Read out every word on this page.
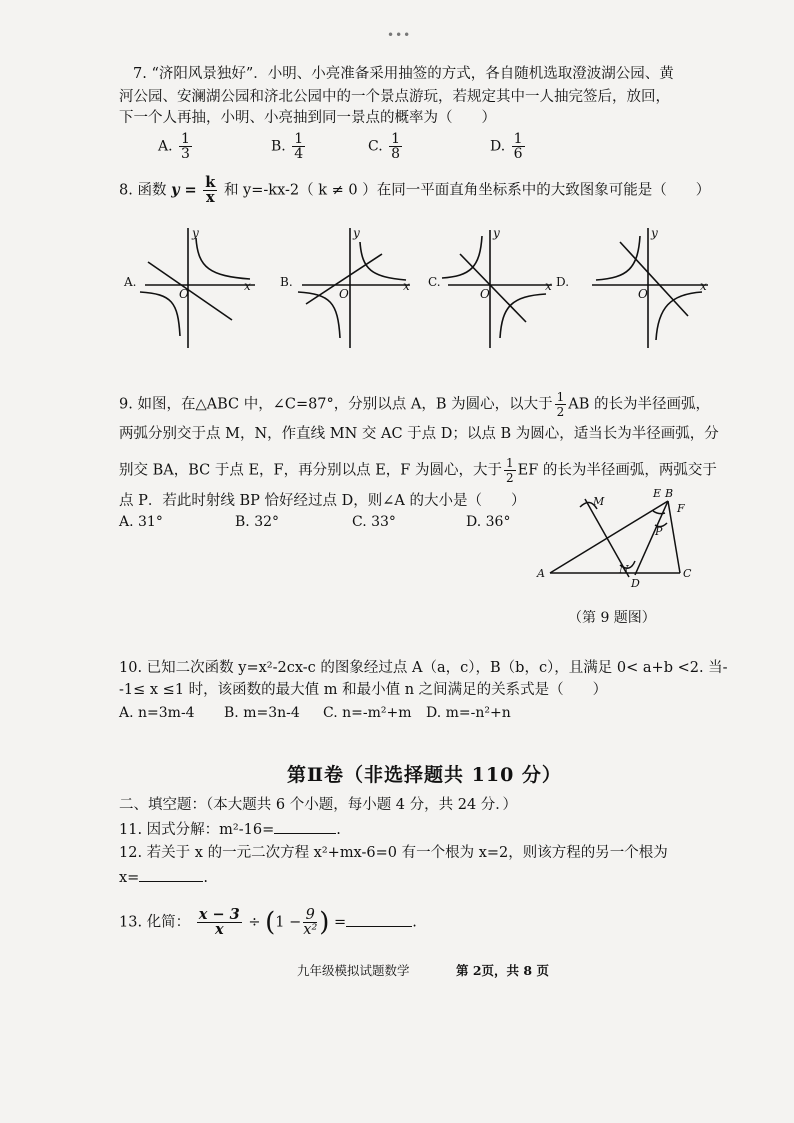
•••
7. “济阳风景独好”．小明、小亮准备采用抽签的方式，各自随机选取澄波湖公园、黄
河公园、安澜湖公园和济北公园中的一个景点游玩，若规定其中一人抽完签后，放回，
下一个人再抽，小明、小亮抽到同一景点的概率为（　　）
A. $\frac{1}{3}$	B. $\frac{1}{4}$	C. $\frac{1}{8}$	D. $\frac{1}{6}$
8. 函数 $y = \frac{k}{x}$ 和 y=-kx-2（ k ≠ 0 ）在同一平面直角坐标系中的大致图象可能是（　　）
A.	x
y
O
B.	x
y
O
C.	x
y
O
D.	x
y
O
9. 如图，在△ABC 中，∠C=87°，分别以点 A，B 为圆心，以大于 $\frac{1}{2}$ AB 的长为半径画弧，
两弧分别交于点 M，N，作直线 MN 交 AC 于点 D；以点 B 为圆心，适当长为半径画弧，分
别交 BA，BC 于点 E，F，再分别以点 E，F 为圆心，大于 $\frac{1}{2}$ EF 的长为半径画弧，两弧交于
点 P．若此时射线 BP 恰好经过点 D，则∠A 的大小是（　　）
A. 31°	B. 32°	C. 33°	D. 36°
A
B
C
D
E
F
M
N
P
（第 9 题图）
10. 已知二次函数 y=x²-2cx-c 的图象经过点 A（a，c），B（b，c），且满足 0< a+b <2. 当-
-1≤ x ≤1 时，该函数的最大值 m 和最小值 n 之间满足的关系式是（　　）
A. n=3m-4 B. m=3n-4 C. n=-m²+m D. m=-n²+n
第Ⅱ卷（非选择题共 110 分）
二、填空题：（本大题共 6 个小题，每小题 4 分，共 24 分．）
11. 因式分解：m²-16=	.
12. 若关于 x 的一元二次方程 x²+mx-6=0 有一个根为 x=2，则该方程的另一个根为
x=	.
13. 化简： $\frac{x - 3}{x} \div (1 - \frac{9}{\text{x²}}$ ) =	.
九年级模拟试题数学	第 2页，共 8 页
